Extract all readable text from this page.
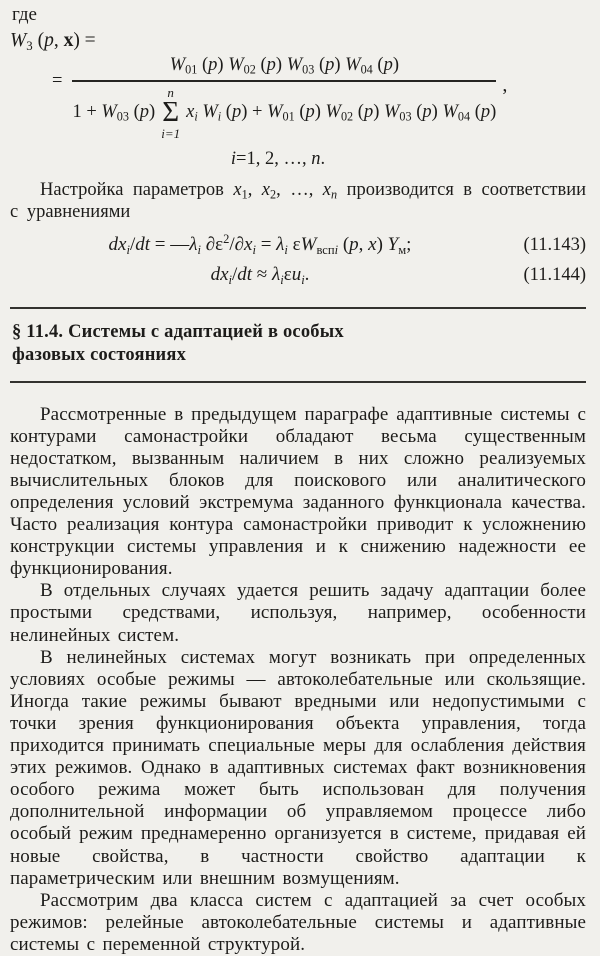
где
$W_3$ (p, x) =
=
$W_{01}$ (p) $W_{02}$ (p) $W_{03}$ (p) $W_{04}$ (p)
$1 + W_{03}$ (p)
n
Σ
i=1
$x_i$ $W_i$ $(p) + W_{01}$ (p) $W_{02}$ (p) $W_{03}$ (p) $W_{04}$ (p)
,
i=1, 2, …, n.
Настройка параметров $x_1$, $x_2$, …, $x_n$ производится в соответствии с уравнениями
$dx_i/dt$ = $—\lambda_i$ $\partial\varepsilon^2/\partial x_i = \lambda_i$ $\varepsilon W_{вспi}$ (p, x) $Y_м$;	(11.143)
$dx_i/dt \approx \lambda_i\varepsilon u_i$.	(11.144)
§ 11.4. Системы с адаптацией в особых
фазовых состояниях

Рассмотренные в предыдущем параграфе адаптивные системы с контурами самонастройки обладают весьма существенным недостатком, вызванным наличием в них сложно реализуемых вычислительных блоков для поискового или аналитического определения условий экстремума заданного функционала качества. Часто реализация контура самонастройки приводит к усложнению конструкции системы управления и к снижению надежности ее функционирования.

В отдельных случаях удается решить задачу адаптации более простыми средствами, используя, например, особенности нелинейных систем.

В нелинейных системах могут возникать при определенных условиях особые режимы — автоколебательные или скользящие. Иногда такие режимы бывают вредными или недопустимыми с точки зрения функционирования объекта управления, тогда приходится принимать специальные меры для ослабления действия этих режимов. Однако в адаптивных системах факт возникновения особого режима может быть использован для получения дополнительной информации об управляемом процессе либо особый режим преднамеренно организуется в системе, придавая ей новые свойства, в частности свойство адаптации к параметрическим или внешним возмущениям.

Рассмотрим два класса систем с адаптацией за счет особых режимов: релейные автоколебательные системы и адаптивные системы с переменной структурой.
